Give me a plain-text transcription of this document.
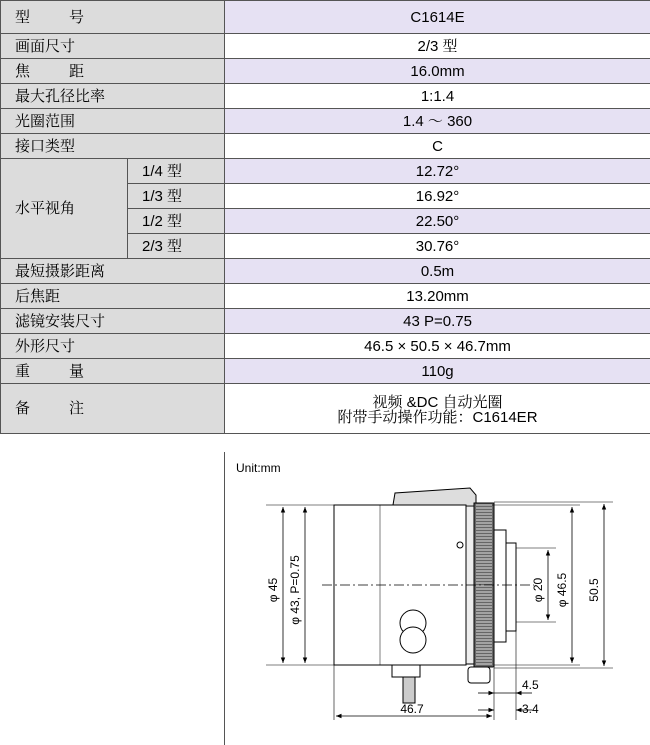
型　号		C1614E
画面尺寸		2/3 型
焦　距		16.0mm
最大孔径比率		1:1.4
光圈范围		1.4 ～ 360
接口类型		C
水平视角	1/4 型	12.72°
	1/3 型	16.92°
	1/2 型	22.50°
	2/3 型	30.76°
最短摄影距离		0.5m
后焦距		13.20mm
滤镜安装尺寸		43 P=0.75
外形尺寸		46.5 × 50.5 × 46.7mm
重　量		110g
备　注		视频 &DC 自动光圈
附带手动操作功能：C1614ER
Unit:mm
φ 45 φ 43, P=0.75	φ 20 φ 46.5 50.5
4.5
46.7	3.4
